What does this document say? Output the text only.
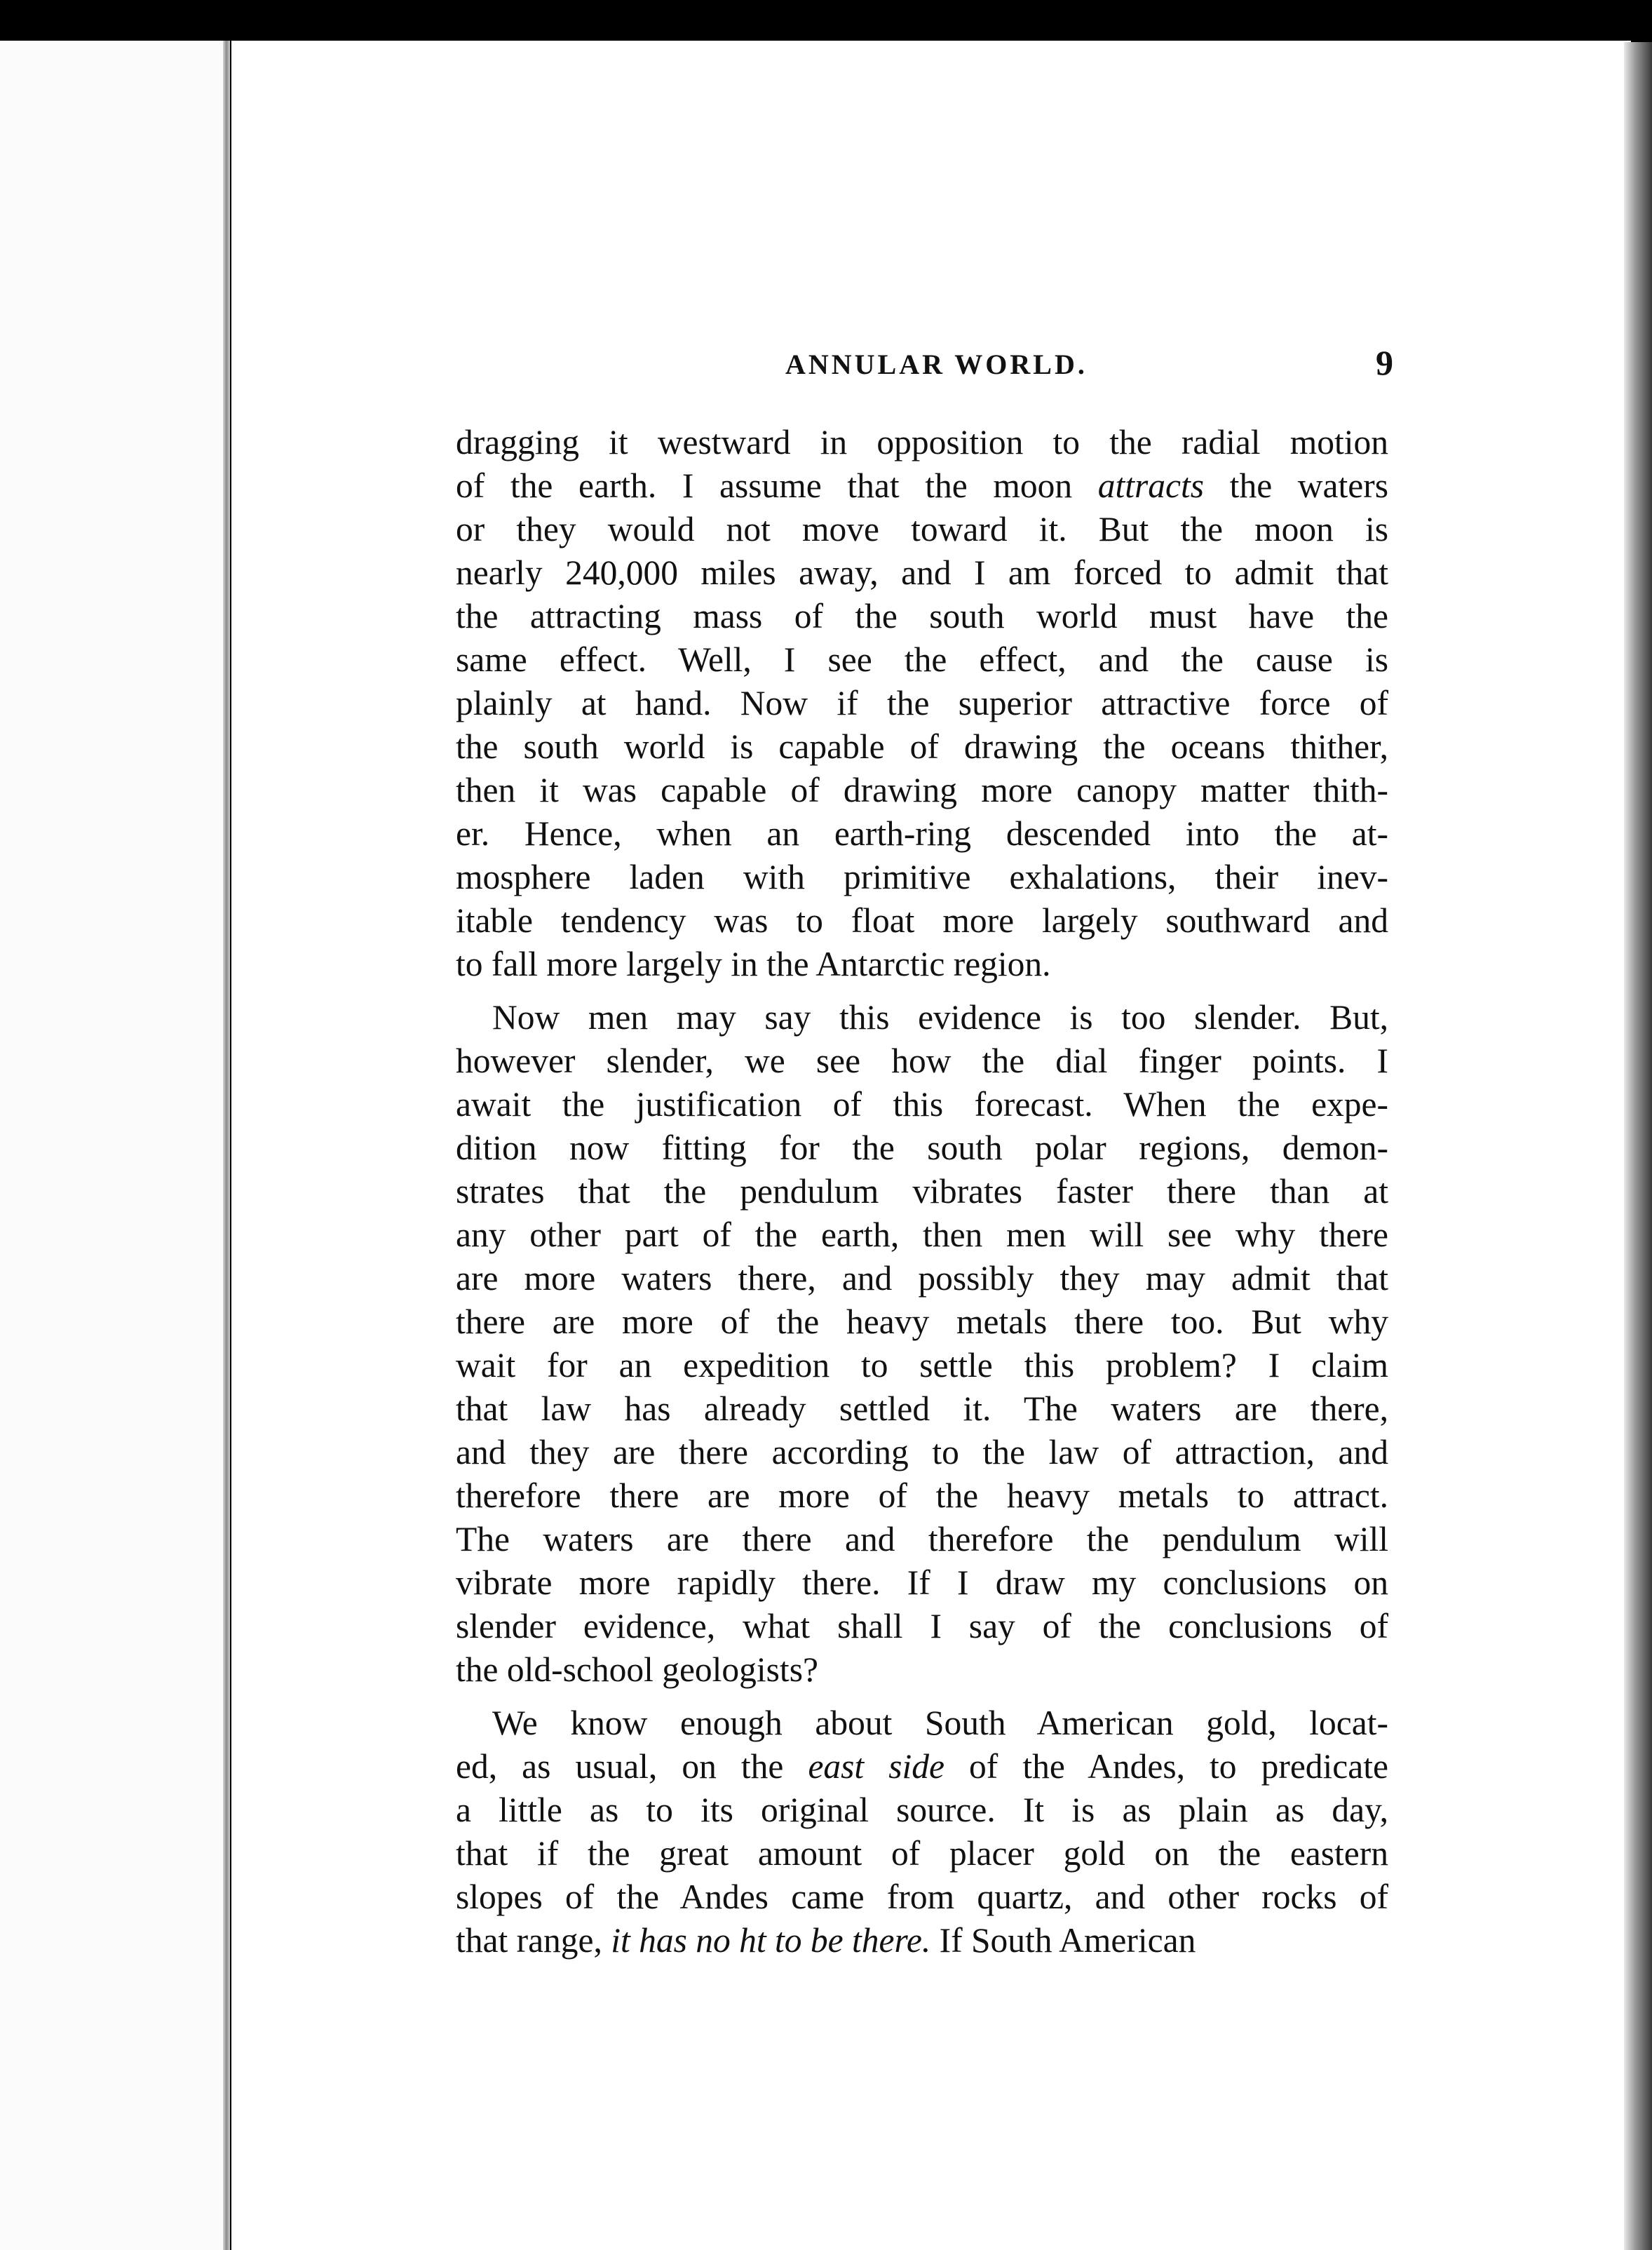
ANNULAR WORLD.	9
dragging it westward in opposition to the radial motion
of the earth. I assume that the moon attracts the waters
or they would not move toward it. But the moon is
nearly 240,000 miles away, and I am forced to admit that
the attracting mass of the south world must have the
same effect. Well, I see the effect, and the cause is
plainly at hand. Now if the superior attractive force of
the south world is capable of drawing the oceans thither,
then it was capable of drawing more canopy matter thith-
er. Hence, when an earth-ring descended into the at-
mosphere laden with primitive exhalations, their inev-
itable tendency was to float more largely southward and
to fall more largely in the Antarctic region.
Now men may say this evidence is too slender. But,
however slender, we see how the dial finger points. I
await the justification of this forecast. When the expe-
dition now fitting for the south polar regions, demon-
strates that the pendulum vibrates faster there than at
any other part of the earth, then men will see why there
are more waters there, and possibly they may admit that
there are more of the heavy metals there too. But why
wait for an expedition to settle this problem? I claim
that law has already settled it. The waters are there,
and they are there according to the law of attraction, and
therefore there are more of the heavy metals to attract.
The waters are there and therefore the pendulum will
vibrate more rapidly there. If I draw my conclusions on
slender evidence, what shall I say of the conclusions of
the old-school geologists?
We know enough about South American gold, locat-
ed, as usual, on the east side of the Andes, to predicate
a little as to its original source. It is as plain as day,
that if the great amount of placer gold on the eastern
slopes of the Andes came from quartz, and other rocks of
that range, it has no ht to be there. If South American
